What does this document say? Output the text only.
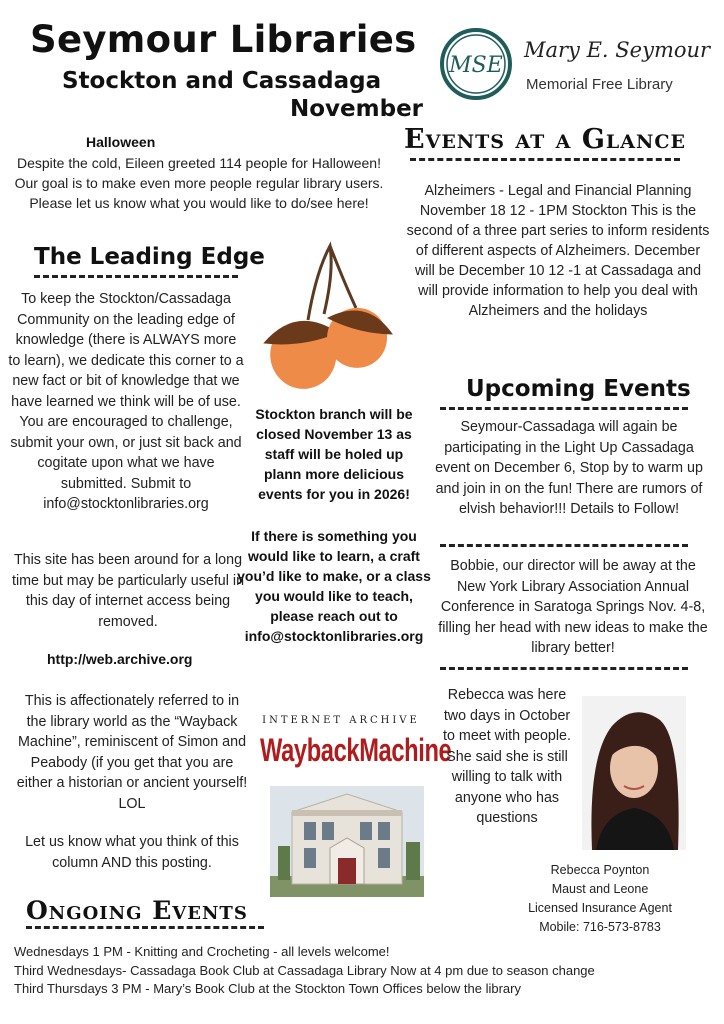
Seymour Libraries
Stockton and Cassadaga
November
MSE
Mary E. Seymour
Memorial Free Library
Halloween
Despite the cold, Eileen greeted 114 people for Halloween! Our goal is to make even more people regular library users. Please let us know what you would like to do/see here!
The Leading Edge
To keep the Stockton/Cassadaga Community on the leading edge of knowledge (there is ALWAYS more to learn), we dedicate this corner to a new fact or bit of knowledge that we have learned we think will be of use. You are encouraged to challenge, submit your own, or just sit back and cogitate upon what we have submitted. Submit to info@stocktonlibraries.org
This site has been around for a long time but may be particularly useful in this day of internet access being removed.
http://web.archive.org
This is affectionately referred to in the library world as the “Wayback Machine”, reminiscent of Simon and Peabody (if you get that you are either a historian or ancient yourself! LOL
Let us know what you think of this column AND this posting.
Stockton branch will be closed November 13 as staff will be holed up plann more delicious events for you in 2026!
If there is something you would like to learn, a craft you’d like to make, or a class you would like to teach, please reach out to info@stocktonlibraries.org
INTERNET ARCHIVE
WaybackMachine
Events at a Glance
Alzheimers - Legal and Financial Planning November 18 12 - 1PM Stockton This is the second of a three part series to inform residents of different aspects of Alzheimers. December will be December 10 12 -1 at Cassadaga and will provide information to help you deal with Alzheimers and the holidays
Upcoming Events
Seymour-Cassadaga will again be participating in the Light Up Cassadaga event on December 6, Stop by to warm up and join in on the fun! There are rumors of elvish behavior!!! Details to Follow!
Bobbie, our director will be away at the New York Library Association Annual Conference in Saratoga Springs Nov. 4-8, filling her head with new ideas to make the library better!
Rebecca was here two days in October to meet with people. She said she is still willing to talk with anyone who has questions
Rebecca Poynton
Maust and Leone
Licensed Insurance Agent
Mobile: 716-573-8783
Ongoing Events
Wednesdays 1 PM - Knitting and Crocheting - all levels welcome!
Third Wednesdays- Cassadaga Book Club at Cassadaga Library Now at 4 pm due to season change
Third Thursdays 3 PM - Mary’s Book Club at the Stockton Town Offices below the library
